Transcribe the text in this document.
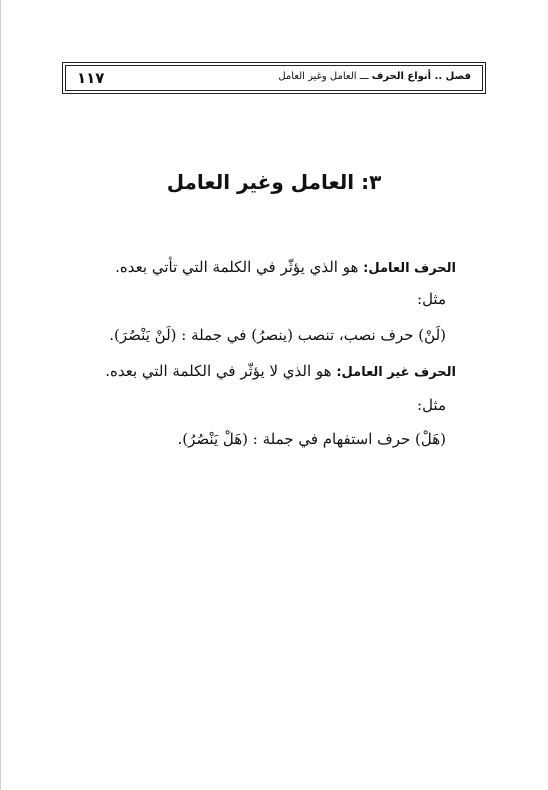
١١٧	فصل .. أنواع الحرف ـــ العامل وغير العامل
٣: العامل وغير العامل
الحرف العامل: هو الذي يؤثّر في الكلمة التي تأتي بعده.
مثل:
(لَنْ) حرف نصب، تنصب (ينصرُ) في جملة : (لَنْ يَنْصُرَ).
الحرف غير العامل: هو الذي لا يؤثّر في الكلمة التي بعده.
مثل:
(هَلْ) حرف استفهام في جملة : (هَلْ يَنْصُرُ).
